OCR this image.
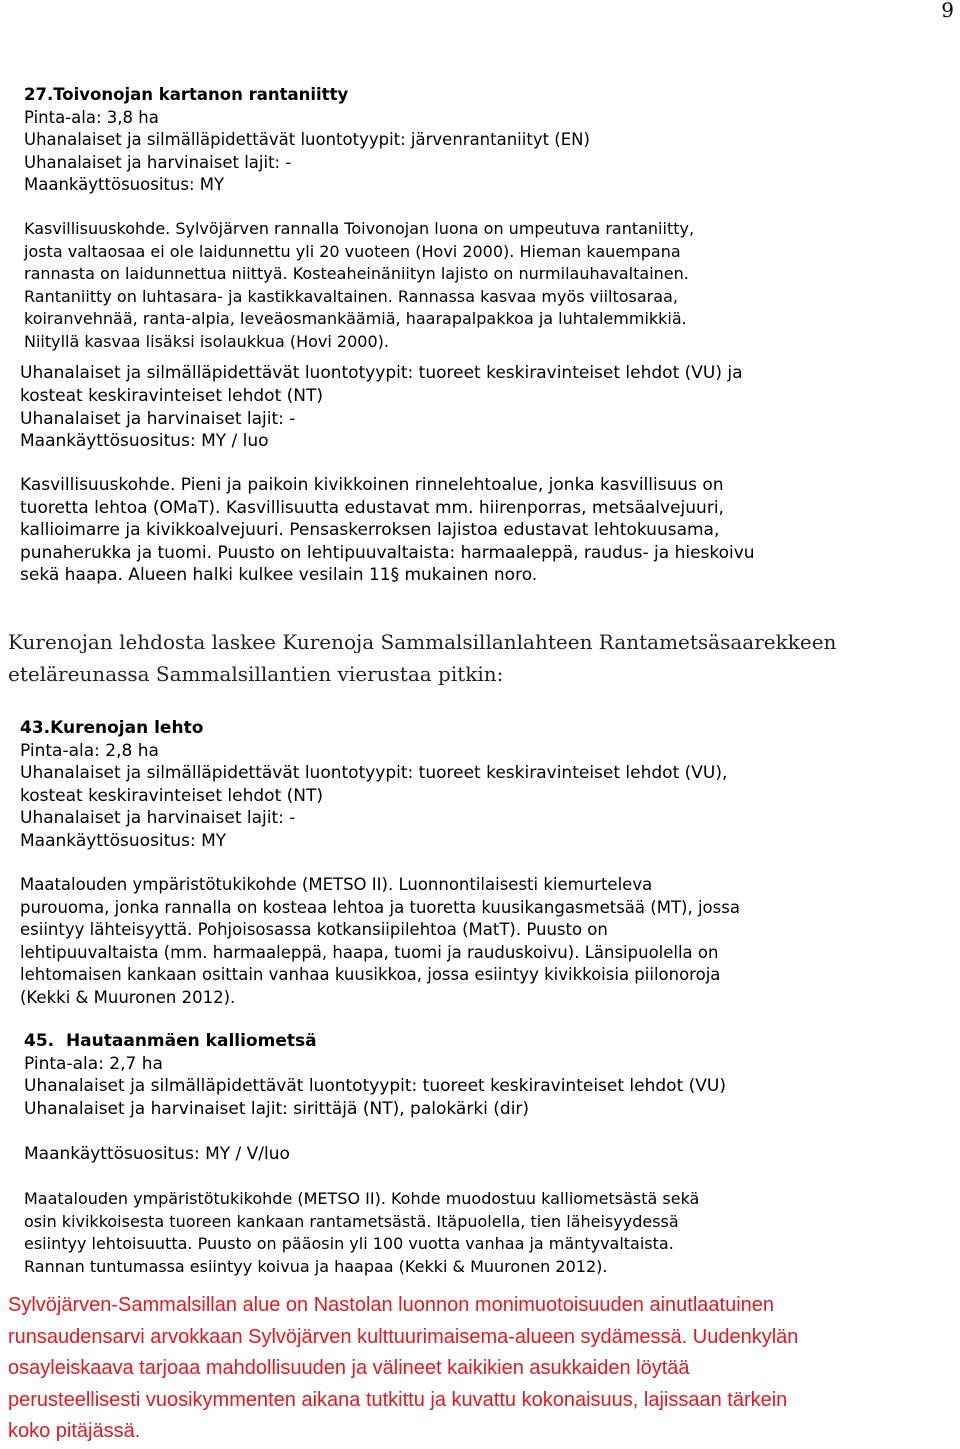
9
27.Toivonojan kartanon rantaniitty
Pinta-ala: 3,8 ha
Uhanalaiset ja silmälläpidettävät luontotyypit: järvenrantaniityt (EN)
Uhanalaiset ja harvinaiset lajit: -
Maankäyttösuositus: MY
Kasvillisuuskohde. Sylvöjärven rannalla Toivonojan luona on umpeutuva rantaniitty,
josta valtaosaa ei ole laidunnettu yli 20 vuoteen (Hovi 2000). Hieman kauempana
rannasta on laidunnettua niittyä. Kosteaheinäniityn lajisto on nurmilauhavaltainen.
Rantaniitty on luhtasara- ja kastikkavaltainen. Rannassa kasvaa myös viiltosaraa,
koiranvehnää, ranta-alpia, leveäosmankäämiä, haarapalpakkoa ja luhtalemmikkiä.
Niityllä kasvaa lisäksi isolaukkua (Hovi 2000).
Uhanalaiset ja silmälläpidettävät luontotyypit: tuoreet keskiravinteiset lehdot (VU) ja
kosteat keskiravinteiset lehdot (NT)
Uhanalaiset ja harvinaiset lajit: -
Maankäyttösuositus: MY / luo
Kasvillisuuskohde. Pieni ja paikoin kivikkoinen rinnelehtoalue, jonka kasvillisuus on
tuoretta lehtoa (OMaT). Kasvillisuutta edustavat mm. hiirenporras, metsäalvejuuri,
kallioimarre ja kivikkoalvejuuri. Pensaskerroksen lajistoa edustavat lehtokuusama,
punaherukka ja tuomi. Puusto on lehtipuuvaltaista: harmaaleppä, raudus- ja hieskoivu
sekä haapa. Alueen halki kulkee vesilain 11§ mukainen noro.
Kurenojan lehdosta laskee Kurenoja Sammalsillanlahteen Rantametsäsaarekkeen
eteläreunassa Sammalsillantien vierustaa pitkin:
43.Kurenojan lehto
Pinta-ala: 2,8 ha
Uhanalaiset ja silmälläpidettävät luontotyypit: tuoreet keskiravinteiset lehdot (VU),
kosteat keskiravinteiset lehdot (NT)
Uhanalaiset ja harvinaiset lajit: -
Maankäyttösuositus: MY
Maatalouden ympäristötukikohde (METSO II). Luonnontilaisesti kiemurteleva
purouoma, jonka rannalla on kosteaa lehtoa ja tuoretta kuusikangasmetsää (MT), jossa
esiintyy lähteisyyttä. Pohjoisosassa kotkansiipilehtoa (MatT). Puusto on
lehtipuuvaltaista (mm. harmaaleppä, haapa, tuomi ja rauduskoivu). Länsipuolella on
lehtomaisen kankaan osittain vanhaa kuusikkoa, jossa esiintyy kivikkoisia piilonoroja
(Kekki & Muuronen 2012).
45.  Hautaanmäen kalliometsä
Pinta-ala: 2,7 ha
Uhanalaiset ja silmälläpidettävät luontotyypit: tuoreet keskiravinteiset lehdot (VU)
Uhanalaiset ja harvinaiset lajit: sirittäjä (NT), palokärki (dir)
Maankäyttösuositus: MY / V/luo
Maatalouden ympäristötukikohde (METSO II). Kohde muodostuu kalliometsästä sekä
osin kivikkoisesta tuoreen kankaan rantametsästä. Itäpuolella, tien läheisyydessä
esiintyy lehtoisuutta. Puusto on pääosin yli 100 vuotta vanhaa ja mäntyvaltaista.
Rannan tuntumassa esiintyy koivua ja haapaa (Kekki & Muuronen 2012).
Sylvöjärven-Sammalsillan alue on Nastolan luonnon monimuotoisuuden ainutlaatuinen
runsaudensarvi arvokkaan Sylvöjärven kulttuurimaisema-alueen sydämessä. Uudenkylän
osayleiskaava tarjoaa mahdollisuuden ja välineet kaikikien asukkaiden löytää
perusteellisesti vuosikymmenten aikana tutkittu ja kuvattu kokonaisuus, lajissaan tärkein
koko pitäjässä.
